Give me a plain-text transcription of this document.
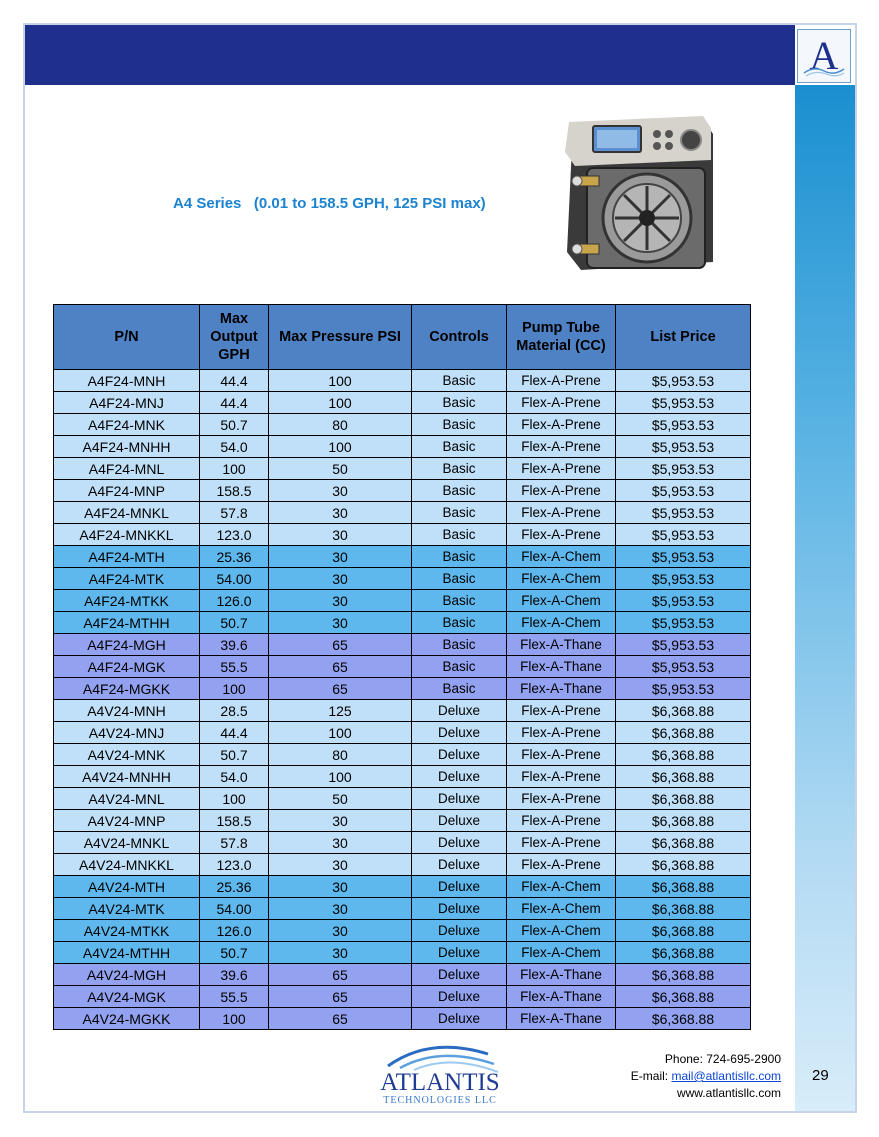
A
A4 Series   (0.01 to 158.5 GPH, 125 PSI max)
P/N	Max Output GPH	Max Pressure PSI	Controls	Pump Tube Material (CC)	List Price
A4F24-MNH	44.4	100	Basic	Flex-A-Prene	$5,953.53
A4F24-MNJ	44.4	100	Basic	Flex-A-Prene	$5,953.53
A4F24-MNK	50.7	80	Basic	Flex-A-Prene	$5,953.53
A4F24-MNHH	54.0	100	Basic	Flex-A-Prene	$5,953.53
A4F24-MNL	100	50	Basic	Flex-A-Prene	$5,953.53
A4F24-MNP	158.5	30	Basic	Flex-A-Prene	$5,953.53
A4F24-MNKL	57.8	30	Basic	Flex-A-Prene	$5,953.53
A4F24-MNKKL	123.0	30	Basic	Flex-A-Prene	$5,953.53
A4F24-MTH	25.36	30	Basic	Flex-A-Chem	$5,953.53
A4F24-MTK	54.00	30	Basic	Flex-A-Chem	$5,953.53
A4F24-MTKK	126.0	30	Basic	Flex-A-Chem	$5,953.53
A4F24-MTHH	50.7	30	Basic	Flex-A-Chem	$5,953.53
A4F24-MGH	39.6	65	Basic	Flex-A-Thane	$5,953.53
A4F24-MGK	55.5	65	Basic	Flex-A-Thane	$5,953.53
A4F24-MGKK	100	65	Basic	Flex-A-Thane	$5,953.53
A4V24-MNH	28.5	125	Deluxe	Flex-A-Prene	$6,368.88
A4V24-MNJ	44.4	100	Deluxe	Flex-A-Prene	$6,368.88
A4V24-MNK	50.7	80	Deluxe	Flex-A-Prene	$6,368.88
A4V24-MNHH	54.0	100	Deluxe	Flex-A-Prene	$6,368.88
A4V24-MNL	100	50	Deluxe	Flex-A-Prene	$6,368.88
A4V24-MNP	158.5	30	Deluxe	Flex-A-Prene	$6,368.88
A4V24-MNKL	57.8	30	Deluxe	Flex-A-Prene	$6,368.88
A4V24-MNKKL	123.0	30	Deluxe	Flex-A-Prene	$6,368.88
A4V24-MTH	25.36	30	Deluxe	Flex-A-Chem	$6,368.88
A4V24-MTK	54.00	30	Deluxe	Flex-A-Chem	$6,368.88
A4V24-MTKK	126.0	30	Deluxe	Flex-A-Chem	$6,368.88
A4V24-MTHH	50.7	30	Deluxe	Flex-A-Chem	$6,368.88
A4V24-MGH	39.6	65	Deluxe	Flex-A-Thane	$6,368.88
A4V24-MGK	55.5	65	Deluxe	Flex-A-Thane	$6,368.88
A4V24-MGKK	100	65	Deluxe	Flex-A-Thane	$6,368.88
ATLANTIS
TECHNOLOGIES LLC
Phone: 724-695-2900
E-mail: mail@atlantisllc.com
www.atlantisllc.com
29
